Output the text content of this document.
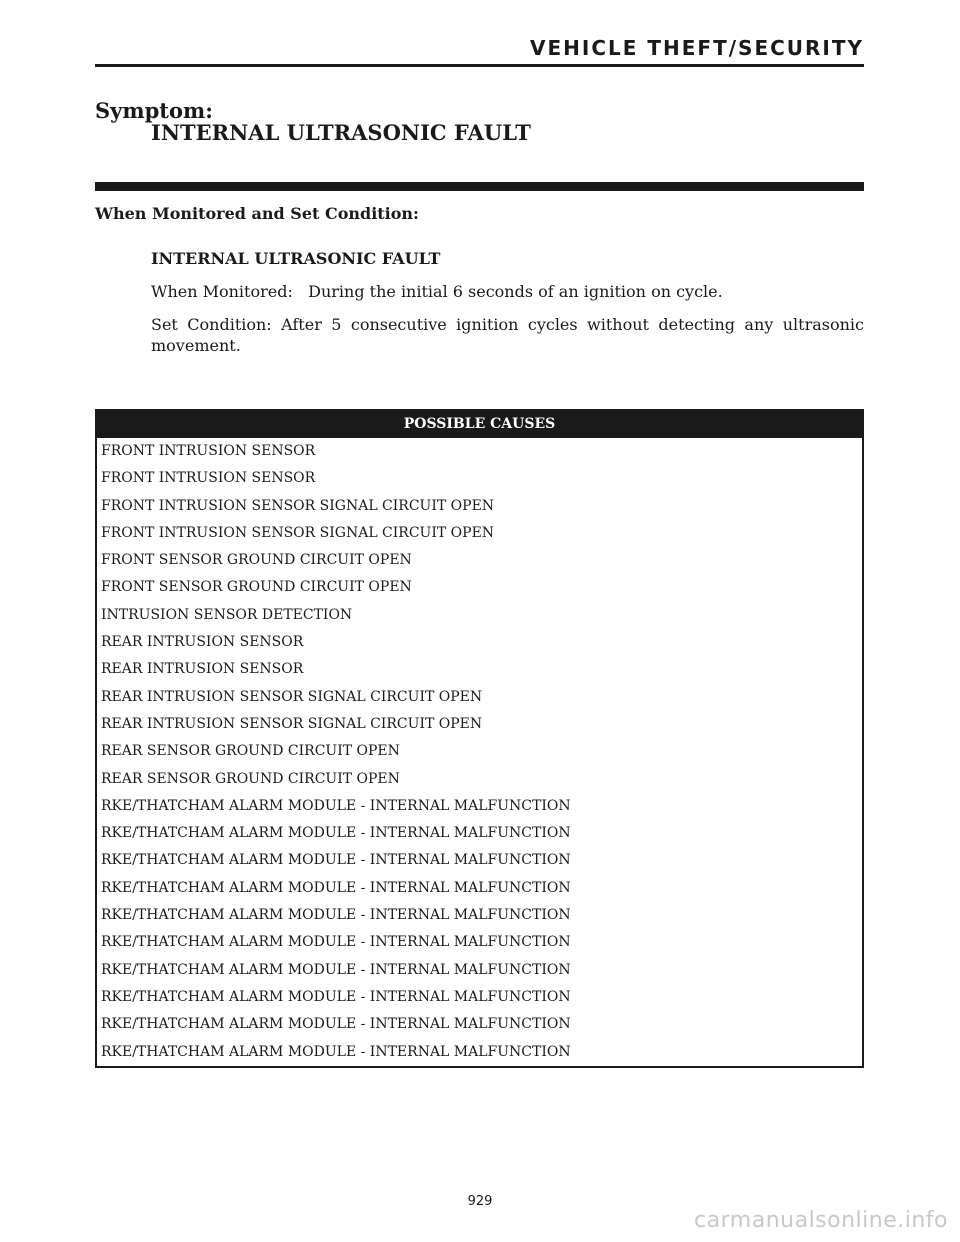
VEHICLE THEFT/SECURITY
Symptom:
INTERNAL ULTRASONIC FAULT
When Monitored and Set Condition:
INTERNAL ULTRASONIC FAULT
When Monitored:   During the initial 6 seconds of an ignition on cycle.
Set Condition: After 5 consecutive ignition cycles without detecting any ultrasonic movement.
POSSIBLE CAUSES
FRONT INTRUSION SENSOR
FRONT INTRUSION SENSOR
FRONT INTRUSION SENSOR SIGNAL CIRCUIT OPEN
FRONT INTRUSION SENSOR SIGNAL CIRCUIT OPEN
FRONT SENSOR GROUND CIRCUIT OPEN
FRONT SENSOR GROUND CIRCUIT OPEN
INTRUSION SENSOR DETECTION
REAR INTRUSION SENSOR
REAR INTRUSION SENSOR
REAR INTRUSION SENSOR SIGNAL CIRCUIT OPEN
REAR INTRUSION SENSOR SIGNAL CIRCUIT OPEN
REAR SENSOR GROUND CIRCUIT OPEN
REAR SENSOR GROUND CIRCUIT OPEN
RKE/THATCHAM ALARM MODULE - INTERNAL MALFUNCTION
RKE/THATCHAM ALARM MODULE - INTERNAL MALFUNCTION
RKE/THATCHAM ALARM MODULE - INTERNAL MALFUNCTION
RKE/THATCHAM ALARM MODULE - INTERNAL MALFUNCTION
RKE/THATCHAM ALARM MODULE - INTERNAL MALFUNCTION
RKE/THATCHAM ALARM MODULE - INTERNAL MALFUNCTION
RKE/THATCHAM ALARM MODULE - INTERNAL MALFUNCTION
RKE/THATCHAM ALARM MODULE - INTERNAL MALFUNCTION
RKE/THATCHAM ALARM MODULE - INTERNAL MALFUNCTION
RKE/THATCHAM ALARM MODULE - INTERNAL MALFUNCTION
929
carmanualsonline.info
